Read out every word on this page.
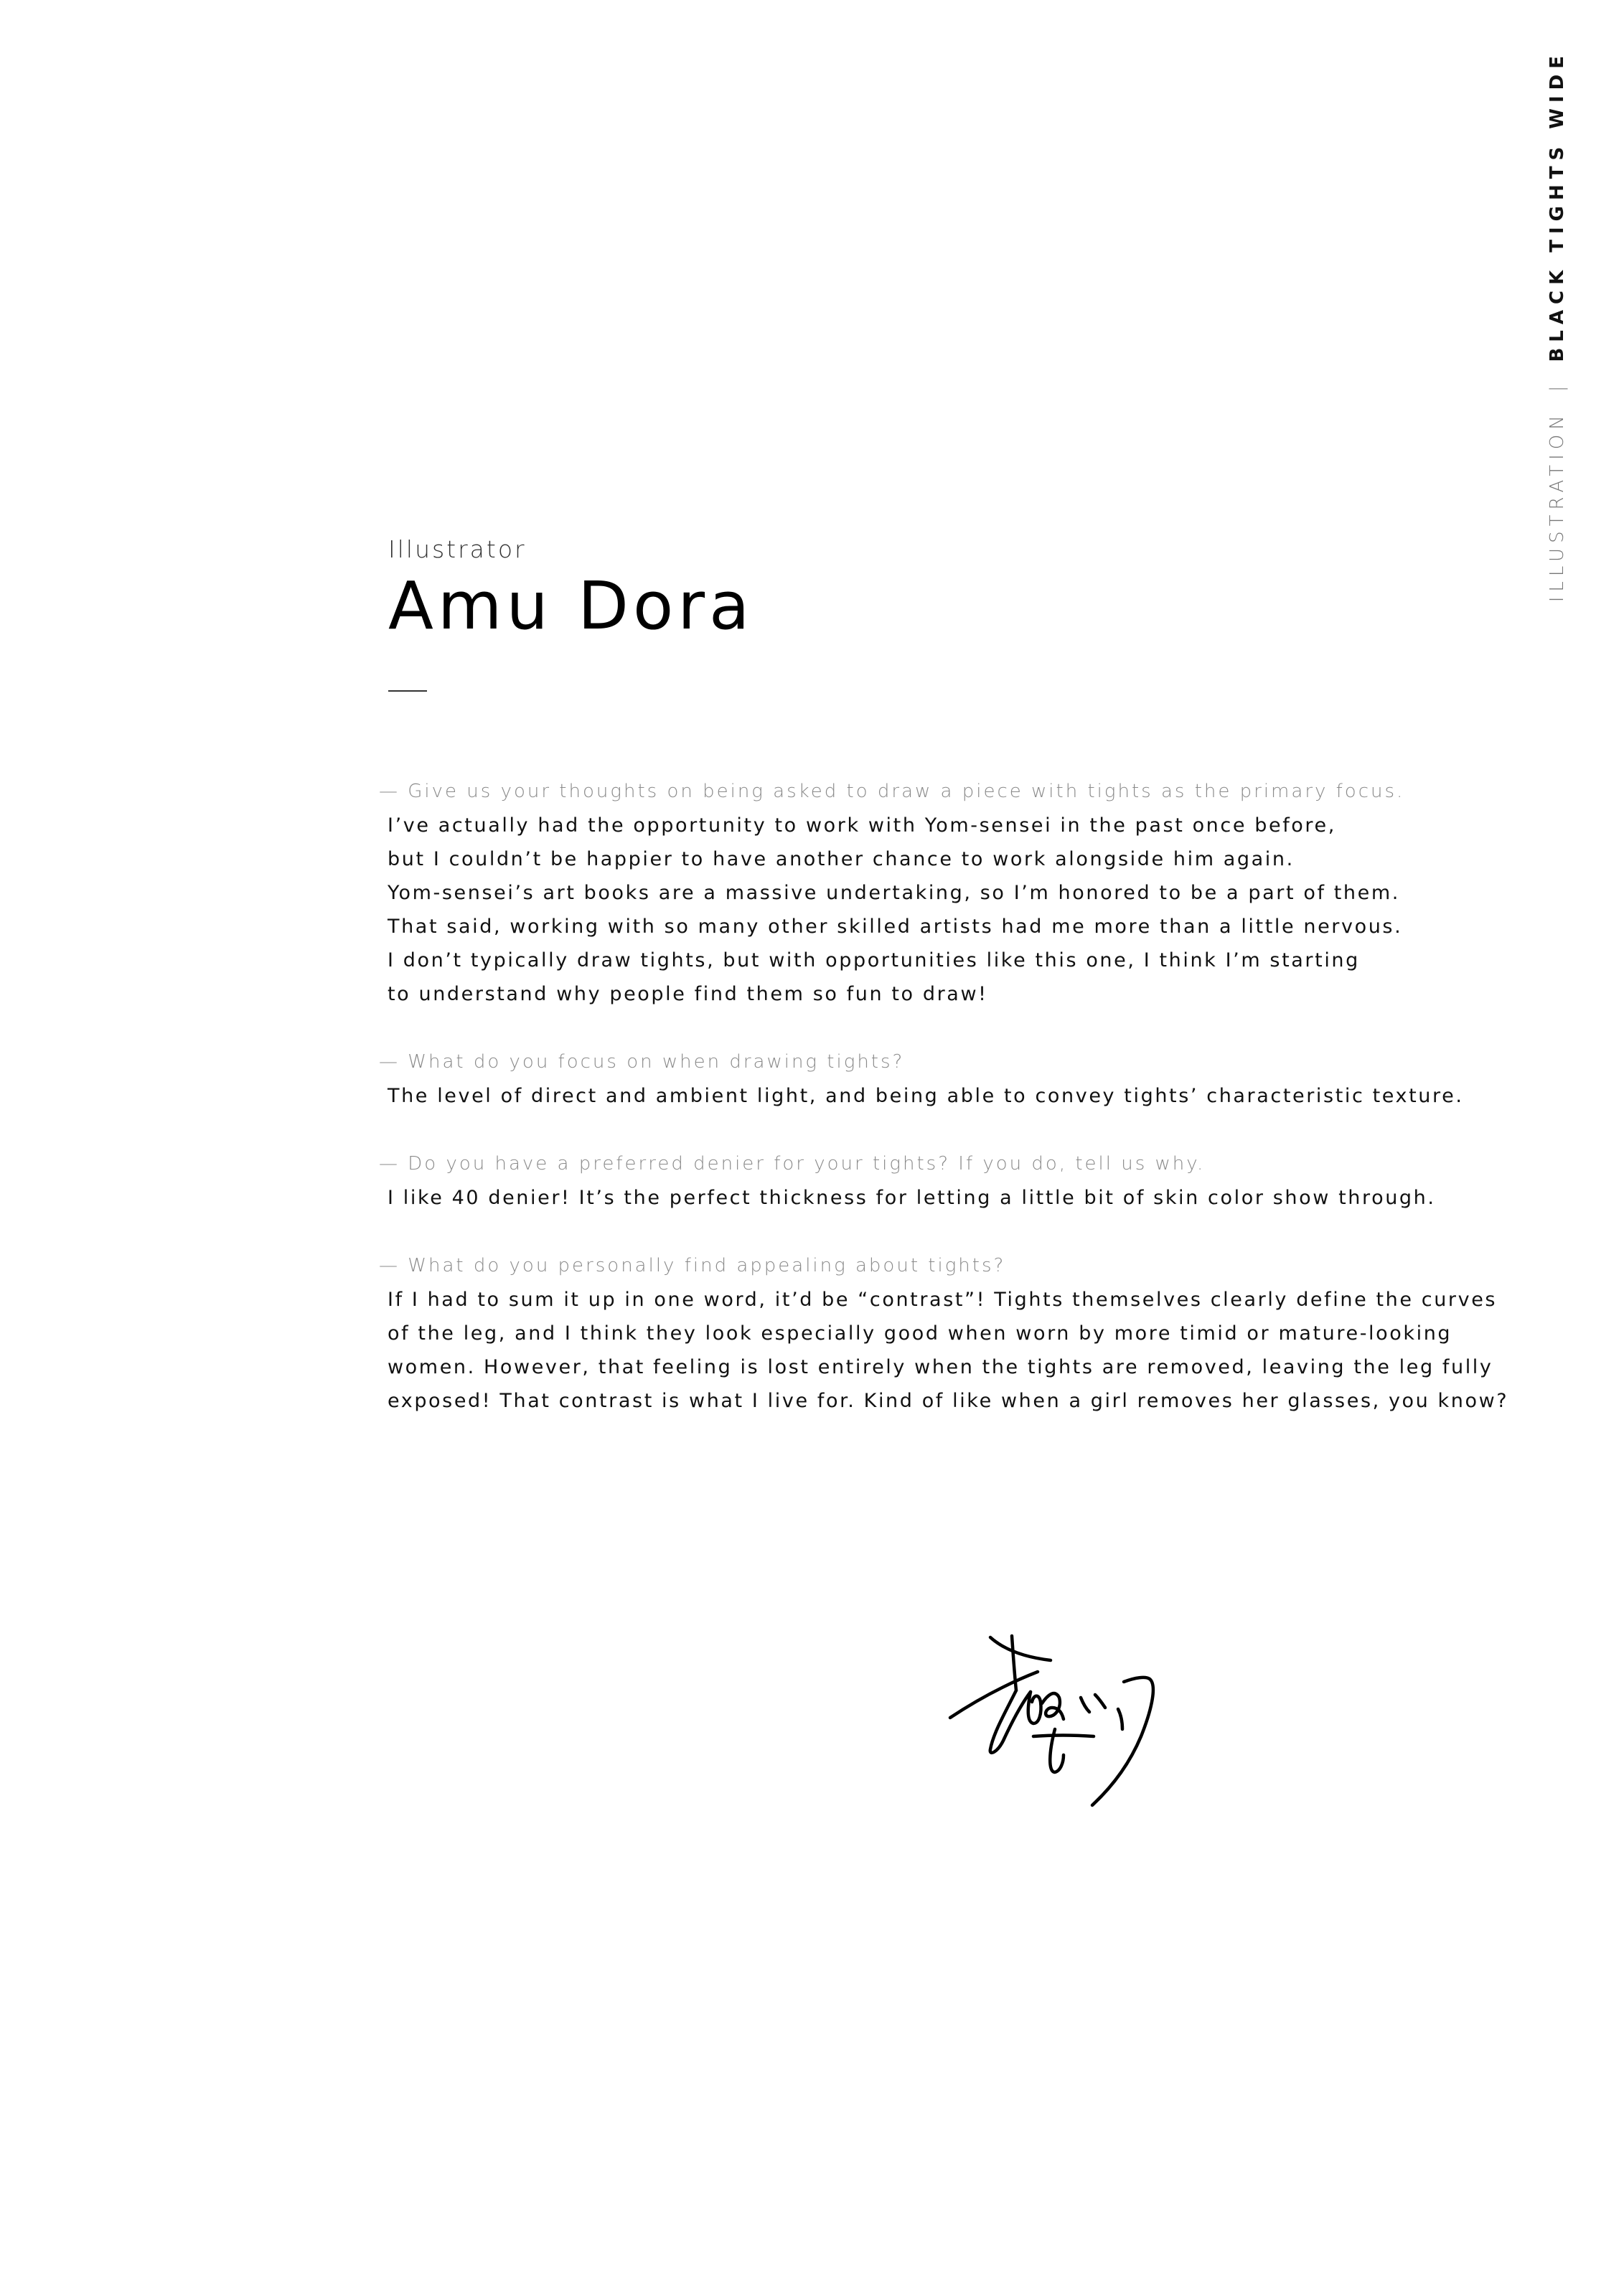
ILLUSTRATION
|
BLACK TIGHTS WIDE
Illustrator
Amu Dora
— Give us your thoughts on being asked to draw a piece with tights as the primary focus.
I’ve actually had the opportunity to work with Yom-sensei in the past once before,
but I couldn’t be happier to have another chance to work alongside him again.
Yom-sensei’s art books are a massive undertaking, so I’m honored to be a part of them.
That said, working with so many other skilled artists had me more than a little nervous.
I don’t typically draw tights, but with opportunities like this one, I think I’m starting
to understand why people find them so fun to draw!
— What do you focus on when drawing tights?
The level of direct and ambient light, and being able to convey tights’ characteristic texture.
— Do you have a preferred denier for your tights? If you do, tell us why.
I like 40 denier! It’s the perfect thickness for letting a little bit of skin color show through.
— What do you personally find appealing about tights?
If I had to sum it up in one word, it’d be “contrast”! Tights themselves clearly define the curves
of the leg, and I think they look especially good when worn by more timid or mature-looking
women. However, that feeling is lost entirely when the tights are removed, leaving the leg fully
exposed! That contrast is what I live for. Kind of like when a girl removes her glasses, you know?
